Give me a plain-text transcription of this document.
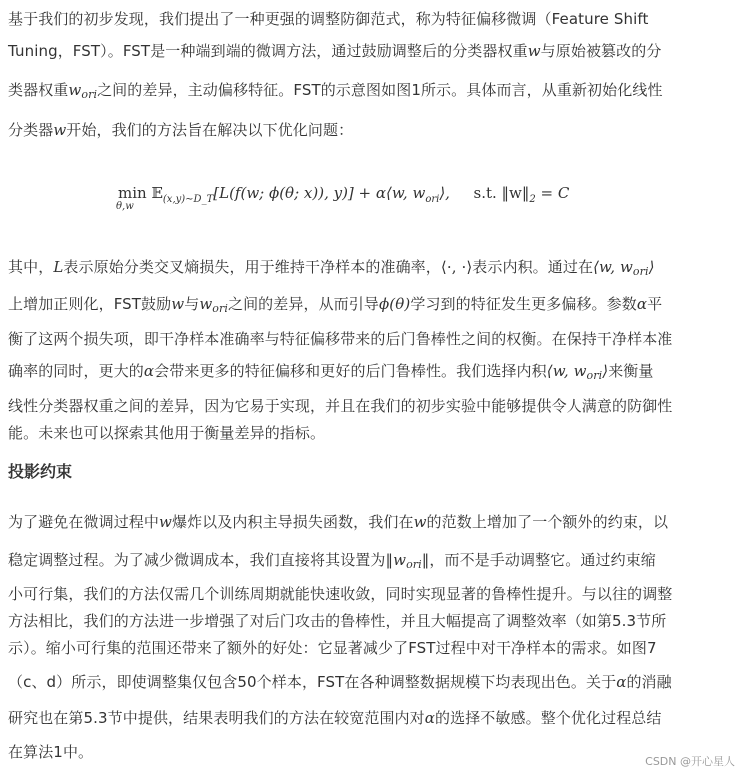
基于我们的初步发现，我们提出了一种更强的调整防御范式，称为特征偏移微调（Feature Shift
Tuning，FST）。FST是一种端到端的微调方法，通过鼓励调整后的分类器权重w与原始被篡改的分
类器权重$w_{ori}$之间的差异，主动偏移特征。FST的示意图如图1所示。具体而言，从重新初始化线性
分类器w开始，我们的方法旨在解决以下优化问题：
min
θ,w
𝔼$_{(x,y)\sim D\_T}$[L(f(w; ϕ(θ; x)), y)] + α⟨w, $w_{ori}⟩$, s.t. $‖w‖_2 = C$
其中，L表示原始分类交叉熵损失，用于维持干净样本的准确率，⟨·, ·⟩表示内积。通过在⟨w, $w_{ori}⟩$
上增加正则化，FST鼓励w与$w_{ori}$之间的差异，从而引导ϕ(θ)学习到的特征发生更多偏移。参数α平
衡了这两个损失项，即干净样本准确率与特征偏移带来的后门鲁棒性之间的权衡。在保持干净样本准
确率的同时，更大的α会带来更多的特征偏移和更好的后门鲁棒性。我们选择内积⟨w, $w_{ori}⟩$来衡量
线性分类器权重之间的差异，因为它易于实现，并且在我们的初步实验中能够提供令人满意的防御性
能。未来也可以探索其他用于衡量差异的指标。
投影约束
为了避免在微调过程中w爆炸以及内积主导损失函数，我们在w的范数上增加了一个额外的约束，以
稳定调整过程。为了减少微调成本，我们直接将其设置为$‖w_{ori}‖$，而不是手动调整它。通过约束缩
小可行集，我们的方法仅需几个训练周期就能快速收敛，同时实现显著的鲁棒性提升。与以往的调整
方法相比，我们的方法进一步增强了对后门攻击的鲁棒性，并且大幅提高了调整效率（如第5.3节所
示）。缩小可行集的范围还带来了额外的好处：它显著减少了FST过程中对干净样本的需求。如图7
（c、d）所示，即使调整集仅包含50个样本，FST在各种调整数据规模下均表现出色。关于α的消融
研究也在第5.3节中提供，结果表明我们的方法在较宽范围内对α的选择不敏感。整个优化过程总结
在算法1中。
CSDN @开心星人
